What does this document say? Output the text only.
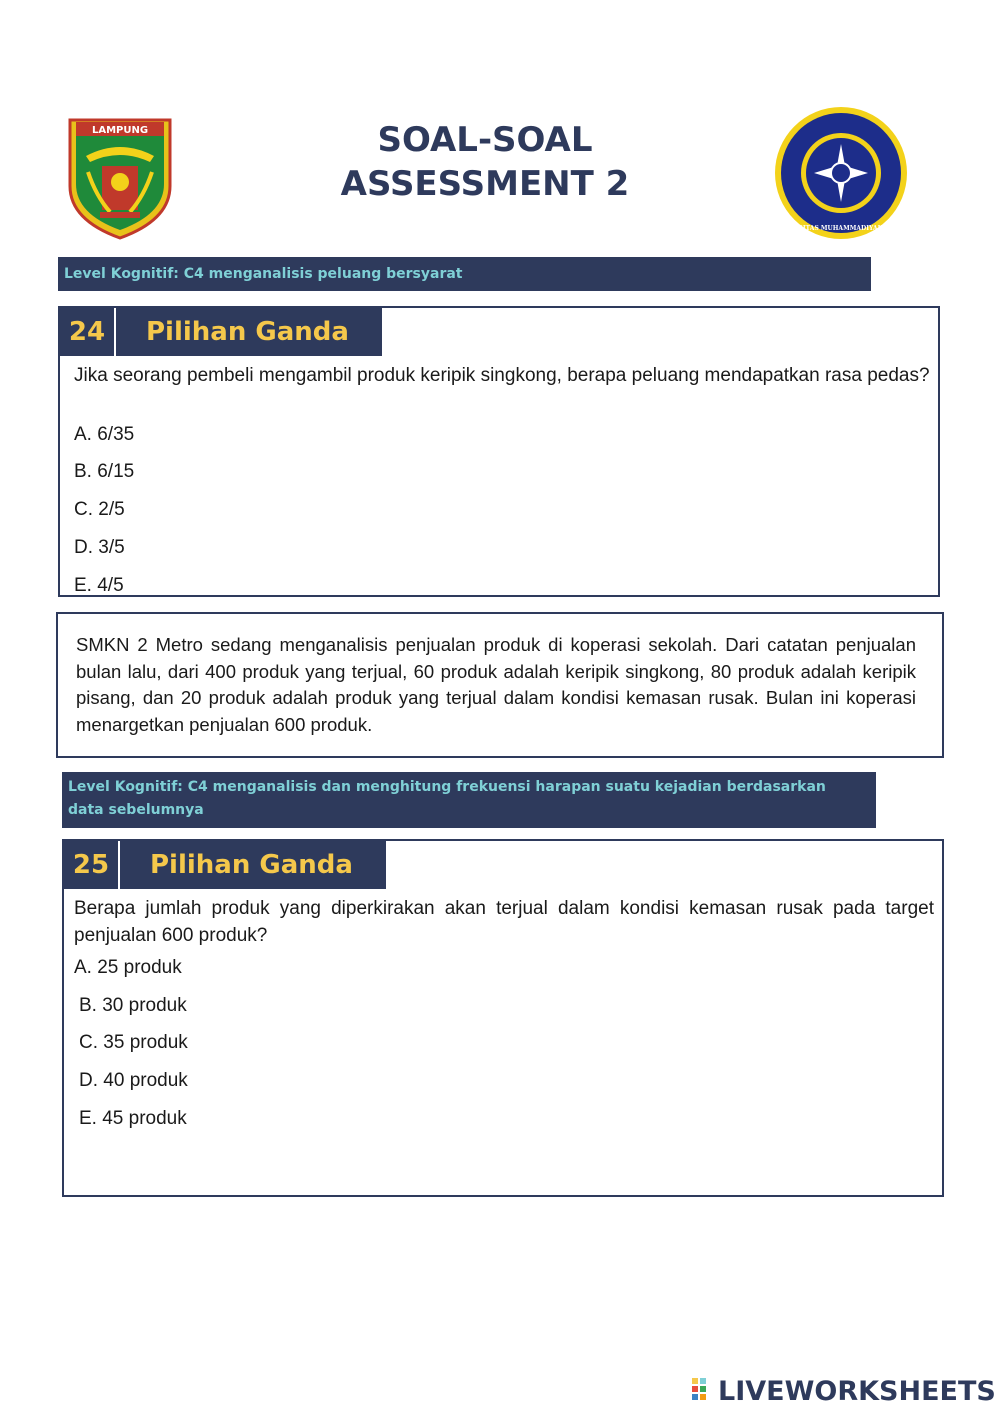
LAMPUNG	SOAL-SOAL
ASSESSMENT 2
UNIVERSITAS MUHAMMADIYAH METRO
Level Kognitif: C4 menganalisis peluang bersyarat
24	Pilihan Ganda
Jika seorang pembeli mengambil produk keripik singkong, berapa peluang mendapatkan rasa pedas?
A. 6/35
B. 6/15
C. 2/5
D. 3/5
E. 4/5
SMKN 2 Metro sedang menganalisis penjualan produk di koperasi sekolah. Dari catatan penjualan bulan lalu, dari 400 produk yang terjual, 60 produk adalah keripik singkong, 80 produk adalah keripik pisang, dan 20 produk adalah produk yang terjual dalam kondisi kemasan rusak. Bulan ini koperasi menargetkan penjualan 600 produk.
Level Kognitif: C4 menganalisis dan menghitung frekuensi harapan suatu kejadian berdasarkan
data sebelumnya
25	Pilihan Ganda
Berapa jumlah produk yang diperkirakan akan terjual dalam kondisi kemasan rusak pada target penjualan 600 produk?
A. 25 produk
B. 30 produk
C. 35 produk
D. 40 produk
E. 45 produk
LIVEWORKSHEETS
